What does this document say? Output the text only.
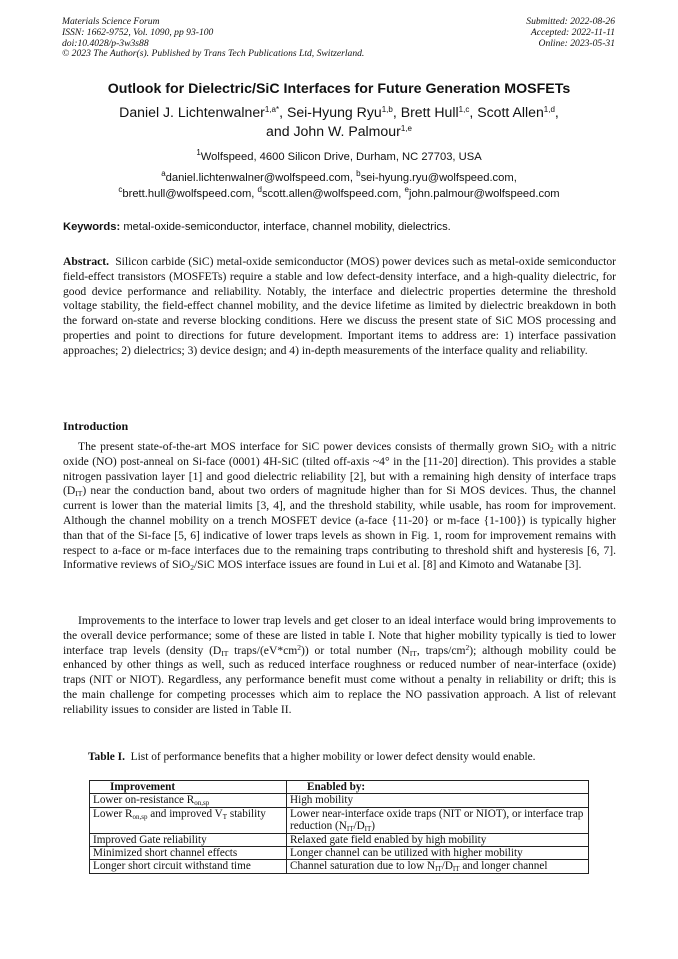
Materials Science Forum
ISSN: 1662-9752, Vol. 1090, pp 93-100
doi:10.4028/p-3w3s88
© 2023 The Author(s). Published by Trans Tech Publications Ltd, Switzerland.
Submitted: 2022-08-26
Accepted: 2022-11-11
Online: 2023-05-31
Outlook for Dielectric/SiC Interfaces for Future Generation MOSFETs
Daniel J. Lichtenwalner$^{1,a*}$, Sei-Hyung Ryu$^{1,b}$, Brett Hull$^{1,c}$, Scott Allen$^{1,d}$,
and John W. Palmour$^{1,e}$
$^1$Wolfspeed, 4600 Silicon Drive, Durham, NC 27703, USA
$^a$daniel.lichtenwalner@wolfspeed.com, $^b$sei-hyung.ryu@wolfspeed.com,
$^c$brett.hull@wolfspeed.com, $^d$scott.allen@wolfspeed.com, $^e$john.palmour@wolfspeed.com
Keywords: metal-oxide-semiconductor, interface, channel mobility, dielectrics.
Abstract. Silicon carbide (SiC) metal-oxide semiconductor (MOS) power devices such as metal-oxide semiconductor field-effect transistors (MOSFETs) require a stable and low defect-density interface, and a high-quality dielectric, for good device performance and reliability. Notably, the interface and dielectric properties determine the threshold voltage stability, the field-effect channel mobility, and the device lifetime as limited by dielectric breakdown in both the forward on-state and reverse blocking conditions. Here we discuss the present state of SiC MOS processing and properties and point to directions for future development. Important items to address are: 1) interface passivation approaches; 2) dielectrics; 3) device design; and 4) in-depth measurements of the interface quality and reliability.
Introduction

The present state-of-the-art MOS interface for SiC power devices consists of thermally grown SiO$_2$ with a nitric oxide (NO) post-anneal on Si-face (0001) 4H-SiC (tilted off-axis ~4° in the [11-20] direction). This provides a stable nitrogen passivation layer [1] and good dielectric reliability [2], but with a remaining high density of interface traps $(D_{IT})$ near the conduction band, about two orders of magnitude higher than for Si MOS devices. Thus, the channel current is lower than the material limits [3, 4], and the threshold stability, while usable, has room for improvement. Although the channel mobility on a trench MOSFET device (a-face {11-20} or m-face {1-100}) is typically higher than that of the Si-face [5, 6] indicative of lower traps levels as shown in Fig. 1, room for improvement remains with respect to a-face or m-face interfaces due to the remaining traps contributing to threshold shift and hysteresis [6, 7]. Informative reviews of SiO$_2$/SiC MOS interface issues are found in Lui et al. [8] and Kimoto and Watanabe [3].

Improvements to the interface to lower trap levels and get closer to an ideal interface would bring improvements to the overall device performance; some of these are listed in table I. Note that higher mobility typically is tied to lower interface trap levels (density ($D_{IT}$ traps/$(eV*cm^2)$) or total number ($N_{IT}$, traps/$cm^2$); although mobility could be enhanced by other things as well, such as reduced interface roughness or reduced number of near-interface (oxide) traps (NIT or NIOT). Regardless, any performance benefit must come without a penalty in reliability or drift; this is the main challenge for competing processes which aim to replace the NO passivation approach. A list of relevant reliability issues to consider are listed in Table II.

Table I. List of performance benefits that a higher mobility or lower defect density would enable.
Improvement	Enabled by:
Lower on-resistance $R_{on,sp}$	High mobility
Lower $R_{on,sp}$ and improved $V_T$ stability	Lower near-interface oxide traps (NIT or NIOT), or interface trap reduction $(N_{IT}/D_{IT})$
Improved Gate reliability	Relaxed gate field enabled by high mobility
Minimized short channel effects	Longer channel can be utilized with higher mobility
Longer short circuit withstand time	Channel saturation due to low $N_{IT}/D_{IT}$ and longer channel
